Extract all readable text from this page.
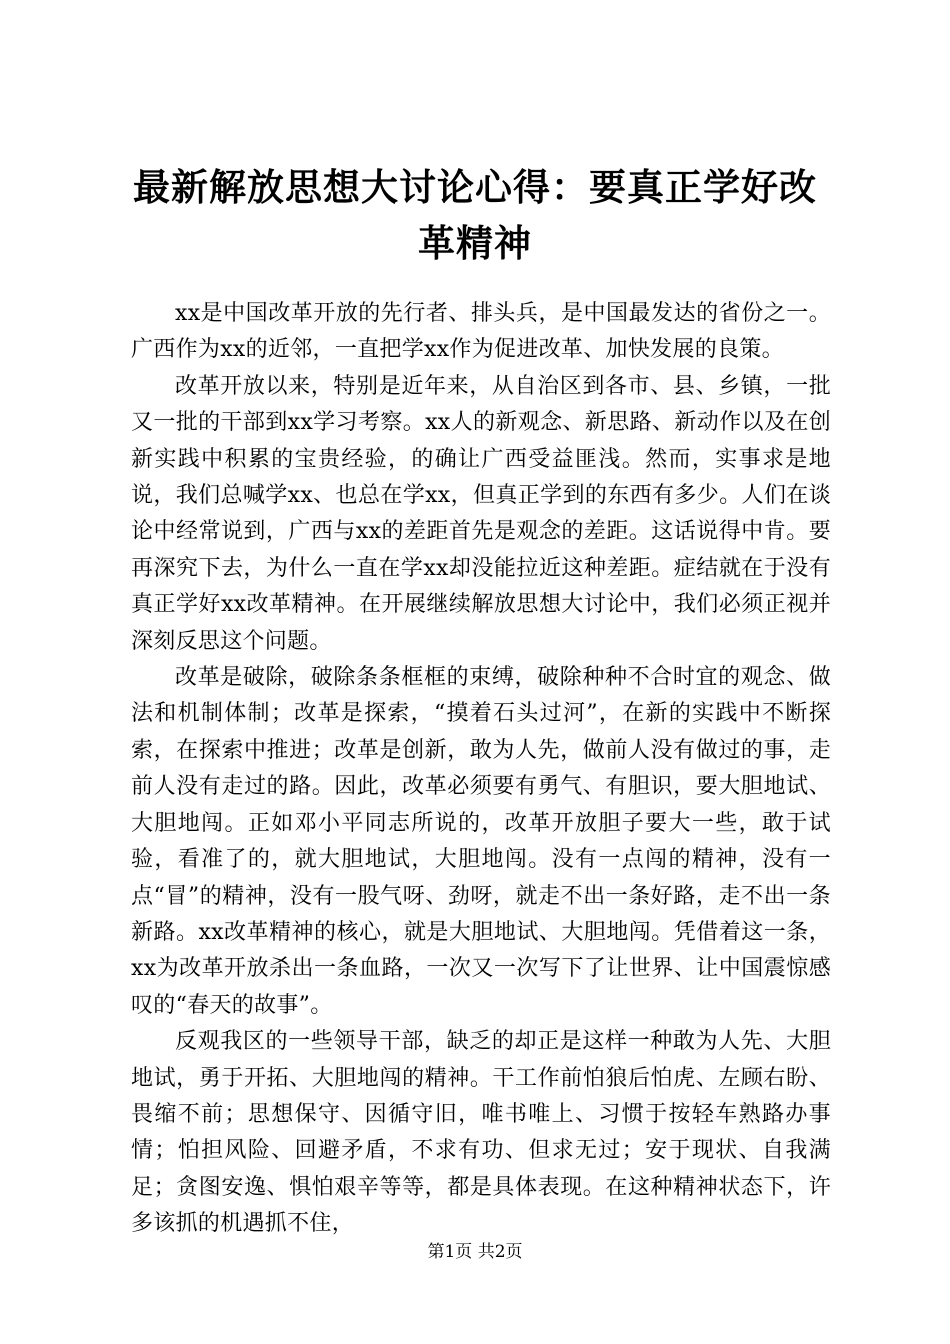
最新解放思想大讨论心得：要真正学好改革精神

xx是中国改革开放的先行者、排头兵，是中国最发达的省份之一。广西作为xx的近邻，一直把学xx作为促进改革、加快发展的良策。

改革开放以来，特别是近年来，从自治区到各市、县、乡镇，一批又一批的干部到xx学习考察。xx人的新观念、新思路、新动作以及在创新实践中积累的宝贵经验，的确让广西受益匪浅。然而，实事求是地说，我们总喊学xx、也总在学xx，但真正学到的东西有多少。人们在谈论中经常说到，广西与xx的差距首先是观念的差距。这话说得中肯。要再深究下去，为什么一直在学xx却没能拉近这种差距。症结就在于没有真正学好xx改革精神。在开展继续解放思想大讨论中，我们必须正视并深刻反思这个问题。

改革是破除，破除条条框框的束缚，破除种种不合时宜的观念、做法和机制体制；改革是探索，“摸着石头过河”，在新的实践中不断探索，在探索中推进；改革是创新，敢为人先，做前人没有做过的事，走前人没有走过的路。因此，改革必须要有勇气、有胆识，要大胆地试、大胆地闯。正如邓小平同志所说的，改革开放胆子要大一些，敢于试验，看准了的，就大胆地试，大胆地闯。没有一点闯的精神，没有一点“冒”的精神，没有一股气呀、劲呀，就走不出一条好路，走不出一条新路。xx改革精神的核心，就是大胆地试、大胆地闯。凭借着这一条，xx为改革开放杀出一条血路，一次又一次写下了让世界、让中国震惊感叹的“春天的故事”。

反观我区的一些领导干部，缺乏的却正是这样一种敢为人先、大胆地试，勇于开拓、大胆地闯的精神。干工作前怕狼后怕虎、左顾右盼、畏缩不前；思想保守、因循守旧，唯书唯上、习惯于按轻车熟路办事情；怕担风险、回避矛盾，不求有功、但求无过；安于现状、自我满足；贪图安逸、惧怕艰辛等等，都是具体表现。在这种精神状态下，许多该抓的机遇抓不住，

第1页 共2页
